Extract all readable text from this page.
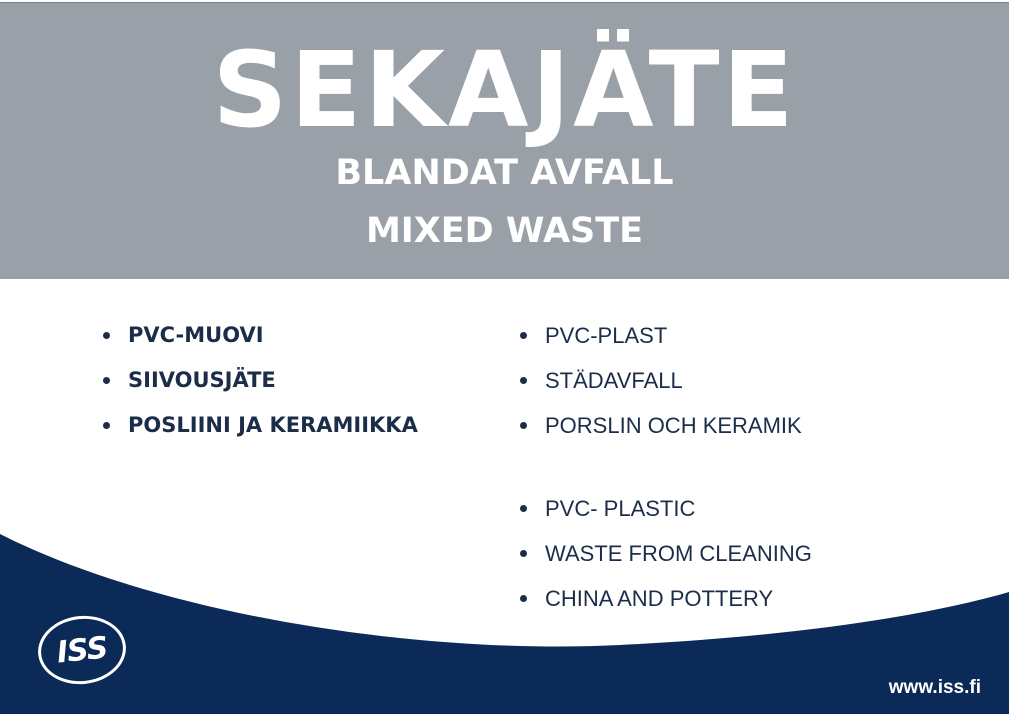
SEKAJÄTE
BLANDAT AVFALL
MIXED WASTE
PVC-MUOVI
SIIVOUSJÄTE
POSLIINI JA KERAMIIKKA
PVC-PLAST
STÄDAVFALL
PORSLIN OCH KERAMIK
PVC- PLASTIC
WASTE FROM CLEANING
CHINA AND POTTERY
ISS
www.iss.fi
